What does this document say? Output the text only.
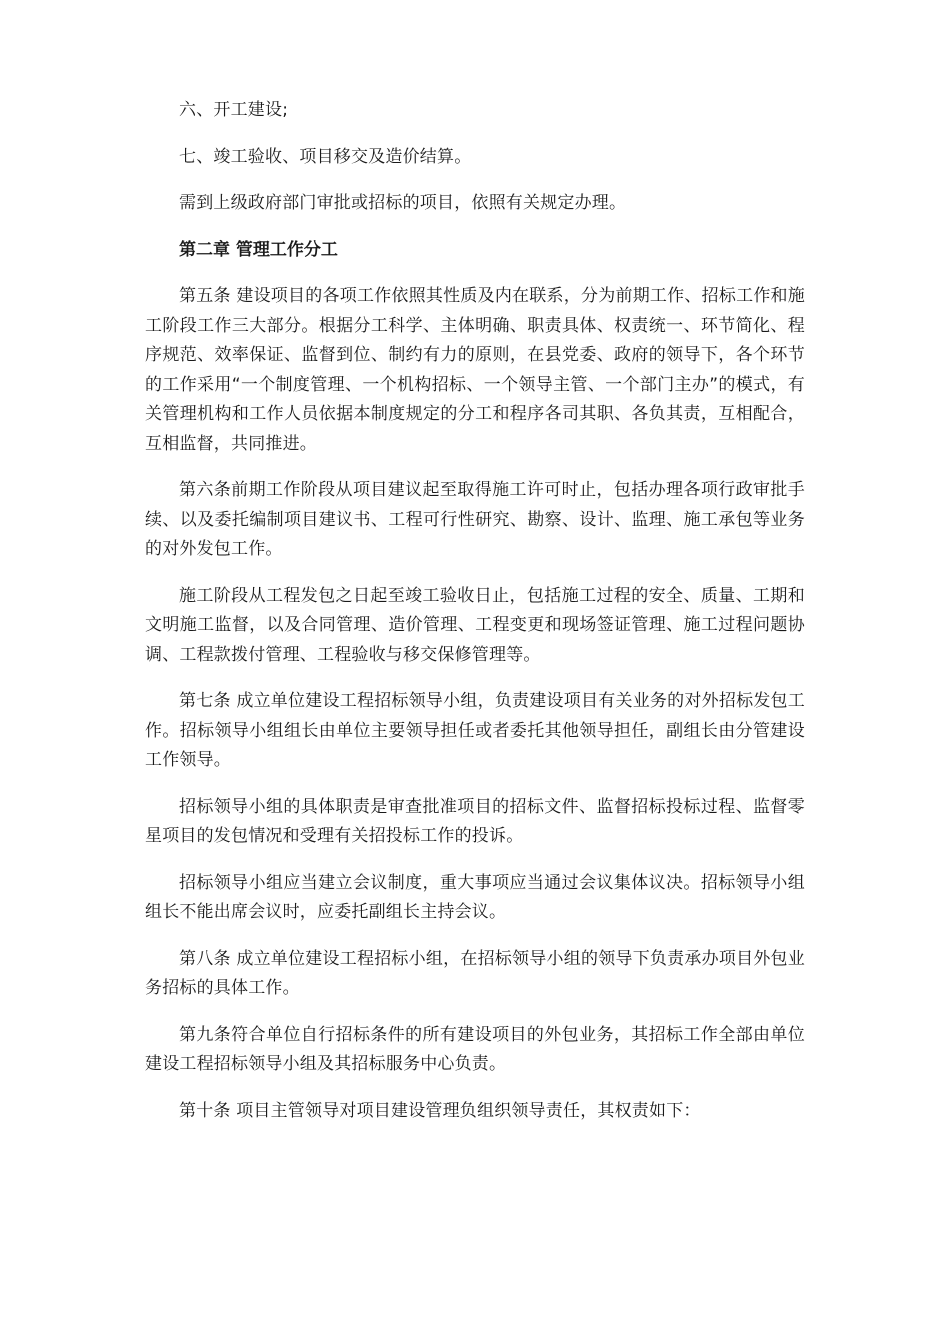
六、开工建设;

七、竣工验收、项目移交及造价结算。

需到上级政府部门审批或招标的项目，依照有关规定办理。

第二章 管理工作分工

第五条 建设项目的各项工作依照其性质及内在联系，分为前期工作、招标工作和施工阶段工作三大部分。根据分工科学、主体明确、职责具体、权责统一、环节简化、程序规范、效率保证、监督到位、制约有力的原则，在县党委、政府的领导下，各个环节的工作采用“一个制度管理、一个机构招标、一个领导主管、一个部门主办”的模式，有关管理机构和工作人员依据本制度规定的分工和程序各司其职、各负其责，互相配合，互相监督，共同推进。

第六条前期工作阶段从项目建议起至取得施工许可时止，包括办理各项行政审批手续、以及委托编制项目建议书、工程可行性研究、勘察、设计、监理、施工承包等业务的对外发包工作。

施工阶段从工程发包之日起至竣工验收日止，包括施工过程的安全、质量、工期和文明施工监督，以及合同管理、造价管理、工程变更和现场签证管理、施工过程问题协调、工程款拨付管理、工程验收与移交保修管理等。

第七条 成立单位建设工程招标领导小组，负责建设项目有关业务的对外招标发包工作。招标领导小组组长由单位主要领导担任或者委托其他领导担任，副组长由分管建设工作领导。

招标领导小组的具体职责是审查批准项目的招标文件、监督招标投标过程、监督零星项目的发包情况和受理有关招投标工作的投诉。

招标领导小组应当建立会议制度，重大事项应当通过会议集体议决。招标领导小组组长不能出席会议时，应委托副组长主持会议。

第八条 成立单位建设工程招标小组，在招标领导小组的领导下负责承办项目外包业务招标的具体工作。

第九条符合单位自行招标条件的所有建设项目的外包业务，其招标工作全部由单位建设工程招标领导小组及其招标服务中心负责。

第十条 项目主管领导对项目建设管理负组织领导责任，其权责如下：
